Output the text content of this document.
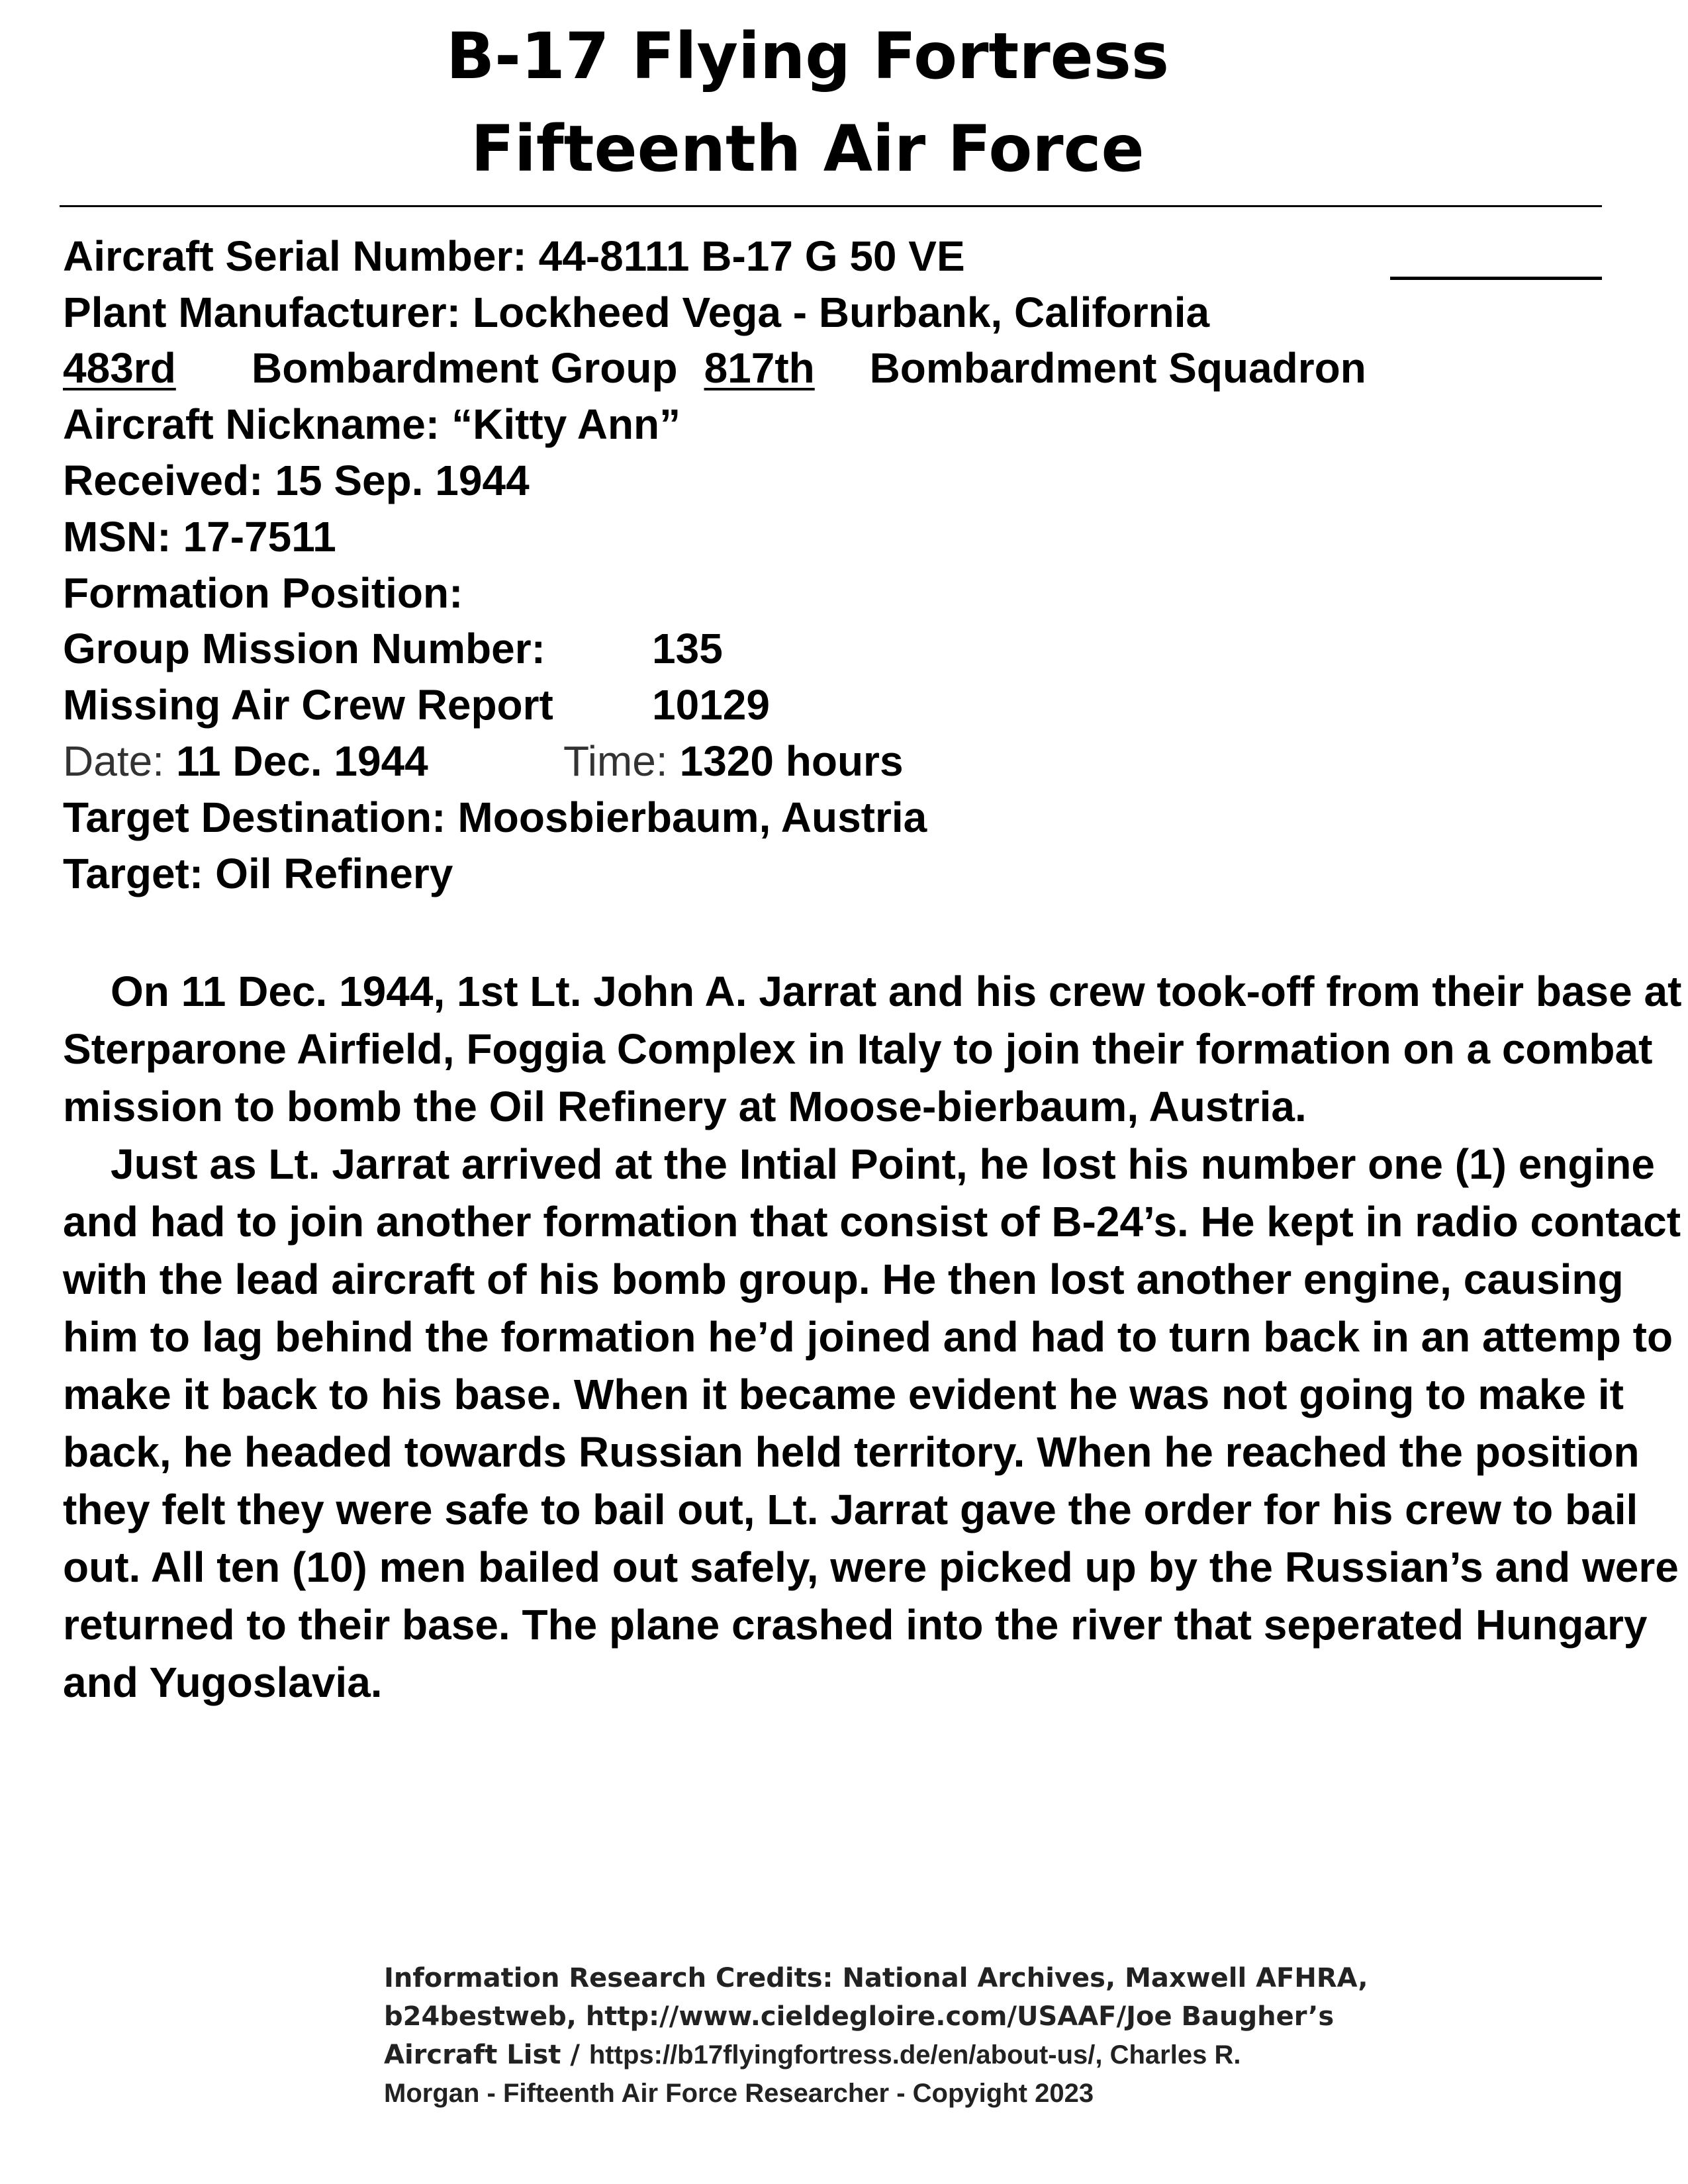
B-17 Flying Fortress
Fifteenth Air Force
Aircraft Serial Number: 44-8111 B-17 G 50 VE
Plant Manufacturer: Lockheed Vega - Burbank, California
483rd Bombardment Group 817th Bombardment Squadron
Aircraft Nickname: “Kitty Ann”
Received: 15 Sep. 1944
MSN: 17-7511
Formation Position:
Group Mission Number:	135
Missing Air Crew Report 10129
Date: 11 Dec. 1944	Time: 1320 hours
Target Destination: Moosbierbaum, Austria
Target: Oil Refinery

On 11 Dec. 1944, 1st Lt. John A. Jarrat and his crew took-off from their base at Sterparone Airfield, Foggia Complex in Italy to join their formation on a combat mission to bomb the Oil Refinery at Moose-bierbaum, Austria.

Just as Lt. Jarrat arrived at the Intial Point, he lost his number one (1) engine and had to join another formation that consist of B-24’s. He kept in radio contact with the lead aircraft of his bomb group. He then lost another engine, causing him to lag behind the formation he’d joined and had to turn back in an attemp to make it back to his base. When it became evident he was not going to make it back, he headed towards Russian held territory. When he reached the position they felt they were safe to bail out, Lt. Jarrat gave the order for his crew to bail out. All ten (10) men bailed out safely, were picked up by the Russian’s and were returned to their base. The plane crashed into the river that seperated Hungary and Yugoslavia.

Information Research Credits: National Archives, Maxwell AFHRA,
b24bestweb, http://www.cieldegloire.com/USAAF/Joe Baugher’s
Aircraft List / https://b17flyingfortress.de/en/about-us/, Charles R.
Morgan - Fifteenth Air Force Researcher - Copyight 2023
